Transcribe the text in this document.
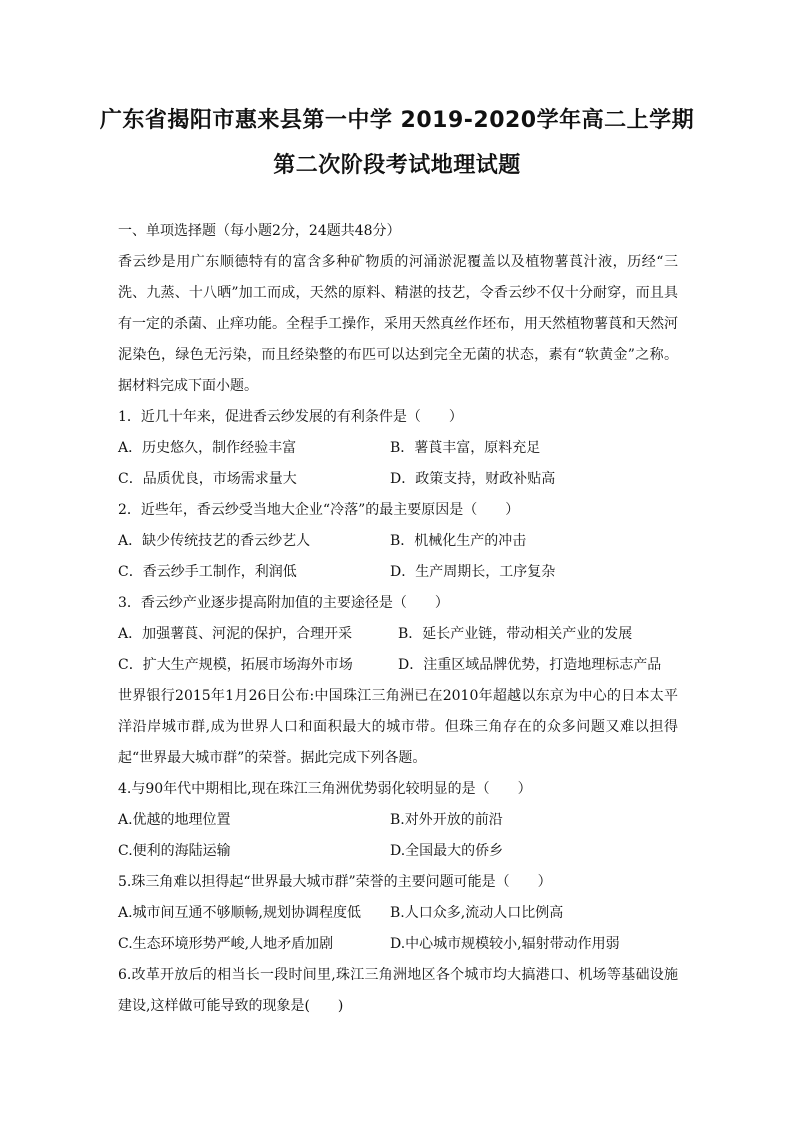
广东省揭阳市惠来县第一中学 2019-2020学年高二上学期
第二次阶段考试地理试题

一、单项选择题（每小题2分，24题共48分）

香云纱是用广东顺德特有的富含多种矿物质的河涌淤泥覆盖以及植物薯莨汁液，历经“三洗、九蒸、十八晒”加工而成，天然的原料、精湛的技艺，令香云纱不仅十分耐穿，而且具有一定的杀菌、止痒功能。全程手工操作，采用天然真丝作坯布，用天然植物薯莨和天然河泥染色，绿色无污染，而且经染整的布匹可以达到完全无菌的状态，素有“软黄金”之称。据材料完成下面小题。

1．近几十年来，促进香云纱发展的有利条件是（　　）

A．历史悠久，制作经验丰富	B．薯莨丰富，原料充足
C．品质优良，市场需求量大	D．政策支持，财政补贴高

2．近些年，香云纱受当地大企业“冷落”的最主要原因是（　　）

A．缺少传统技艺的香云纱艺人	B．机械化生产的冲击
C．香云纱手工制作，利润低	D．生产周期长，工序复杂

3．香云纱产业逐步提高附加值的主要途径是（　　）

A．加强薯莨、河泥的保护，合理开采	B．延长产业链，带动相关产业的发展
C．扩大生产规模，拓展市场海外市场	D．注重区域品牌优势，打造地理标志产品

世界银行2015年1月26日公布:中国珠江三角洲已在2010年超越以东京为中心的日本太平洋沿岸城市群,成为世界人口和面积最大的城市带。但珠三角存在的众多问题又难以担得起“世界最大城市群”的荣誉。据此完成下列各题。

4.与90年代中期相比,现在珠江三角洲优势弱化较明显的是（　　）

A.优越的地理位置	B.对外开放的前沿
C.便利的海陆运输	D.全国最大的侨乡

5.珠三角难以担得起“世界最大城市群”荣誉的主要问题可能是（　　）

A.城市间互通不够顺畅,规划协调程度低	B.人口众多,流动人口比例高
C.生态环境形势严峻,人地矛盾加剧	D.中心城市规模较小,辐射带动作用弱

6.改革开放后的相当长一段时间里,珠江三角洲地区各个城市均大搞港口、机场等基础设施建设,这样做可能导致的现象是(　　)
